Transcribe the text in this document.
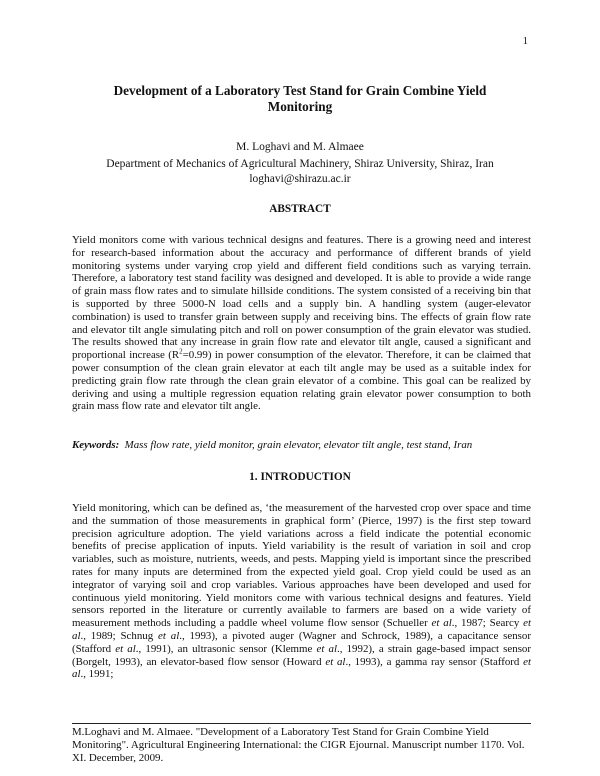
1
Development of a Laboratory Test Stand for Grain Combine Yield Monitoring
M. Loghavi and M. Almaee
Department of Mechanics of Agricultural Machinery, Shiraz University, Shiraz, Iran
loghavi@shirazu.ac.ir
ABSTRACT
Yield monitors come with various technical designs and features. There is a growing need and interest for research-based information about the accuracy and performance of different brands of yield monitoring systems under varying crop yield and different field conditions such as varying terrain. Therefore, a laboratory test stand facility was designed and developed. It is able to provide a wide range of grain mass flow rates and to simulate hillside conditions. The system consisted of a receiving bin that is supported by three 5000-N load cells and a supply bin. A handling system (auger-elevator combination) is used to transfer grain between supply and receiving bins. The effects of grain flow rate and elevator tilt angle simulating pitch and roll on power consumption of the grain elevator was studied. The results showed that any increase in grain flow rate and elevator tilt angle, caused a significant and proportional increase $(R^2=0.99)$ in power consumption of the elevator. Therefore, it can be claimed that power consumption of the clean grain elevator at each tilt angle may be used as a suitable index for predicting grain flow rate through the clean grain elevator of a combine. This goal can be realized by deriving and using a multiple regression equation relating grain elevator power consumption to both grain mass flow rate and elevator tilt angle.
Keywords: Mass flow rate, yield monitor, grain elevator, elevator tilt angle, test stand, Iran
1. INTRODUCTION
Yield monitoring, which can be defined as, ‘the measurement of the harvested crop over space and time and the summation of those measurements in graphical form’ (Pierce, 1997) is the first step toward precision agriculture adoption. The yield variations across a field indicate the potential economic benefits of precise application of inputs. Yield variability is the result of variation in soil and crop variables, such as moisture, nutrients, weeds, and pests. Mapping yield is important since the prescribed rates for many inputs are determined from the expected yield goal. Crop yield could be used as an integrator of varying soil and crop variables. Various approaches have been developed and used for continuous yield monitoring. Yield monitors come with various technical designs and features. Yield sensors reported in the literature or currently available to farmers are based on a wide variety of measurement methods including a paddle wheel volume flow sensor (Schueller et al., 1987; Searcy et al., 1989; Schnug et al., 1993), a pivoted auger (Wagner and Schrock, 1989), a capacitance sensor (Stafford et al., 1991), an ultrasonic sensor (Klemme et al., 1992), a strain gage-based impact sensor (Borgelt, 1993), an elevator-based flow sensor (Howard et al., 1993), a gamma ray sensor (Stafford et al., 1991;
M.Loghavi and M. Almaee. "Development of a Laboratory Test Stand for Grain Combine Yield Monitoring". Agricultural Engineering International: the CIGR Ejournal. Manuscript number 1170. Vol. XI. December, 2009.
